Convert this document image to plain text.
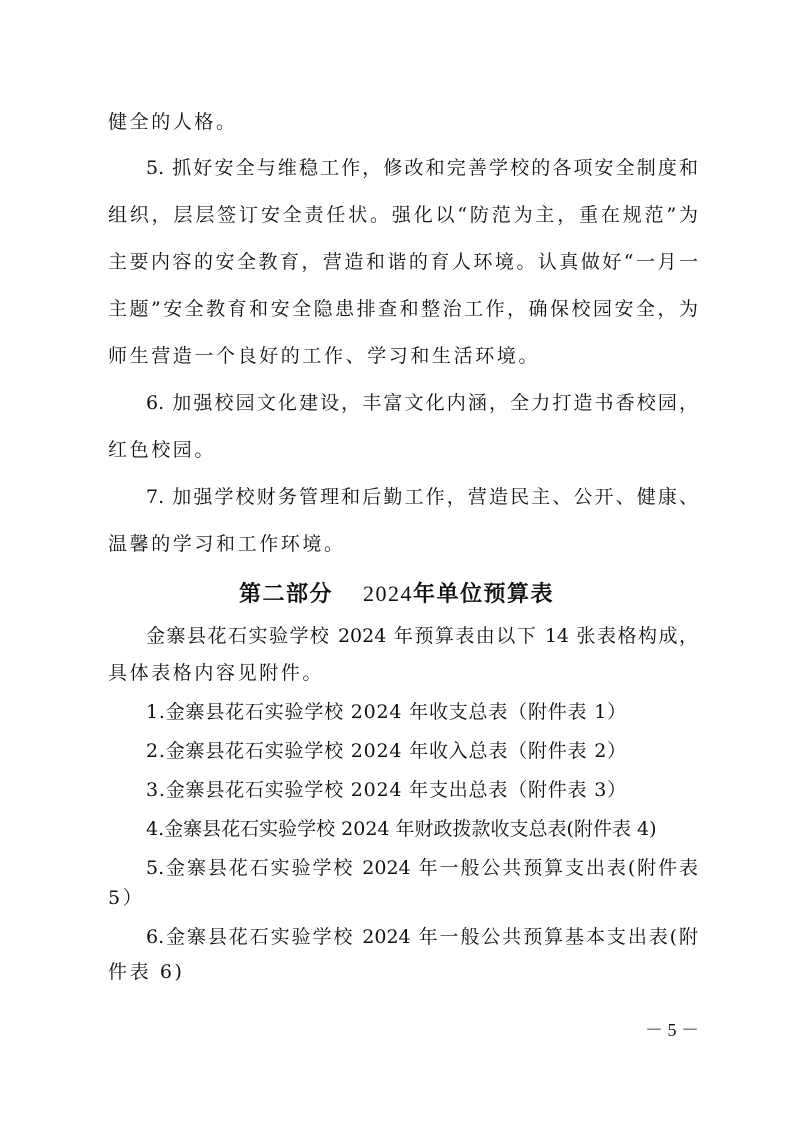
健全的人格。
5. 抓好安全与维稳工作，修改和完善学校的各项安全制度和
组织，层层签订安全责任状。强化以“防范为主，重在规范”为
主要内容的安全教育，营造和谐的育人环境。认真做好“一月一
主题”安全教育和安全隐患排查和整治工作，确保校园安全，为
师生营造一个良好的工作、学习和生活环境。
6. 加强校园文化建设，丰富文化内涵，全力打造书香校园，
红色校园。
7. 加强学校财务管理和后勤工作，营造民主、公开、健康、
温馨的学习和工作环境。
第二部分 2024年单位预算表
金寨县花石实验学校 2024 年预算表由以下 14 张表格构成，
具体表格内容见附件。
1.金寨县花石实验学校 2024 年收支总表（附件表 1）
2.金寨县花石实验学校 2024 年收入总表（附件表 2）
3.金寨县花石实验学校 2024 年支出总表（附件表 3）
4.金寨县花石实验学校 2024 年财政拨款收支总表(附件表 4)
5.金寨县花石实验学校 2024 年一般公共预算支出表(附件表
5）
6.金寨县花石实验学校 2024 年一般公共预算基本支出表(附
件表 6)
－ 5 －
